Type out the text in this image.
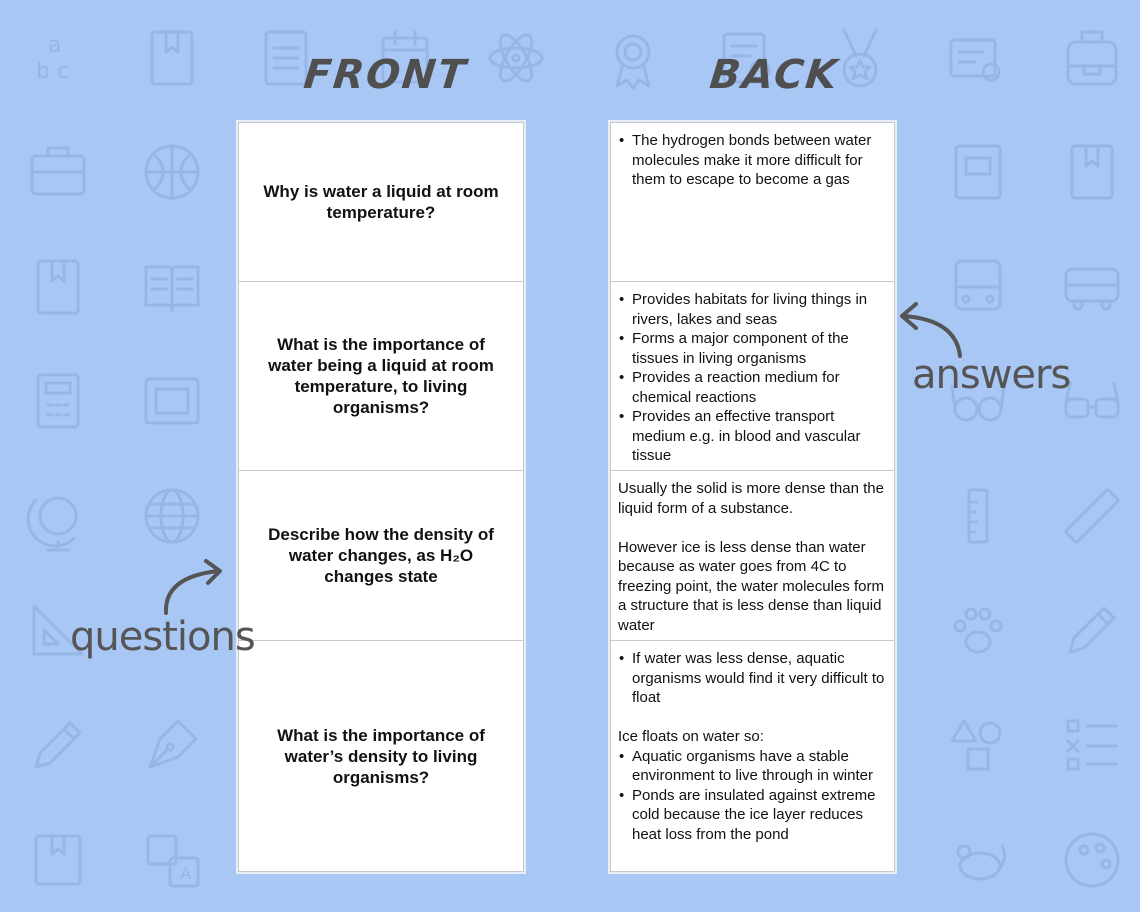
a
b c
A
FRONT	BACK
Why is water a liquid at room temperature?
What is the importance of water being a liquid at room temperature, to living organisms?
Describe how the density of water changes, as H₂O changes state
What is the importance of water’s density to living organisms?
• The hydrogen bonds between water molecules make it more difficult for them to escape to become a gas
• Provides habitats for living things in rivers, lakes and seas
• Forms a major component of the tissues in living organisms
• Provides a reaction medium for chemical reactions
• Provides an effective transport medium e.g. in blood and vascular tissue

Usually the solid is more dense than the liquid form of a substance.

However ice is less dense than water because as water goes from 4C to freezing point, the water molecules form a structure that is less dense than liquid water

• If water was less dense, aquatic organisms would find it very difficult to float

Ice floats on water so:

• Aquatic organisms have a stable environment to live through in winter
• Ponds are insulated against extreme cold because the ice layer reduces heat loss from the pond
questions
answers
